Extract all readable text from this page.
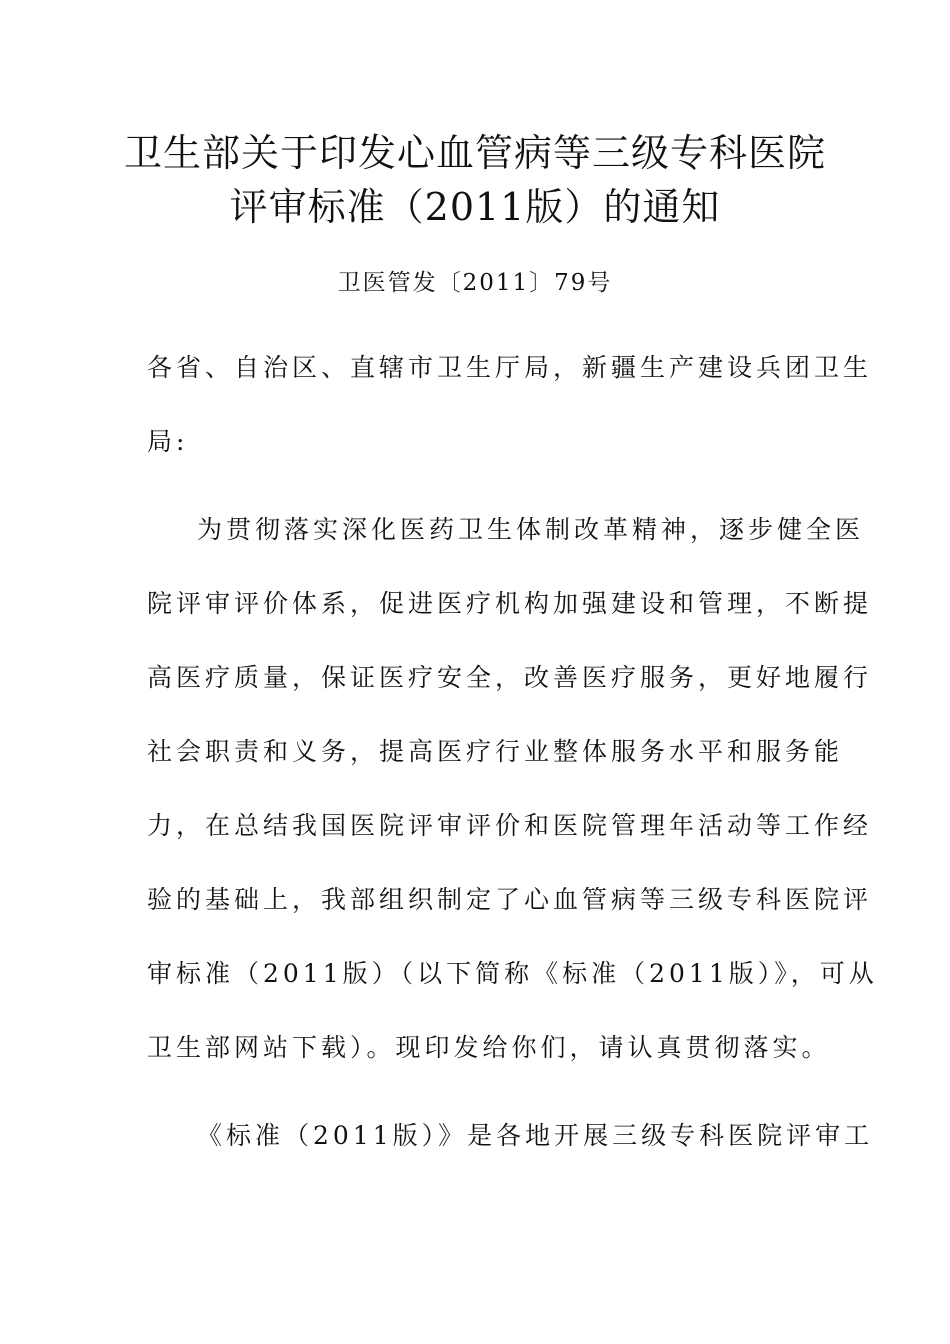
卫生部关于印发心血管病等三级专科医院
评审标准（2011版）的通知
卫医管发〔2011〕79号
各省、自治区、直辖市卫生厅局，新疆生产建设兵团卫生
局:
为贯彻落实深化医药卫生体制改革精神，逐步健全医
院评审评价体系，促进医疗机构加强建设和管理，不断提
高医疗质量，保证医疗安全，改善医疗服务，更好地履行
社会职责和义务，提高医疗行业整体服务水平和服务能
力，在总结我国医院评审评价和医院管理年活动等工作经
验的基础上，我部组织制定了心血管病等三级专科医院评
审标准（2011版）（以下简称《标准（2011版）》，可从
卫生部网站下载）。现印发给你们，请认真贯彻落实。
《标准（2011版）》是各地开展三级专科医院评审工
